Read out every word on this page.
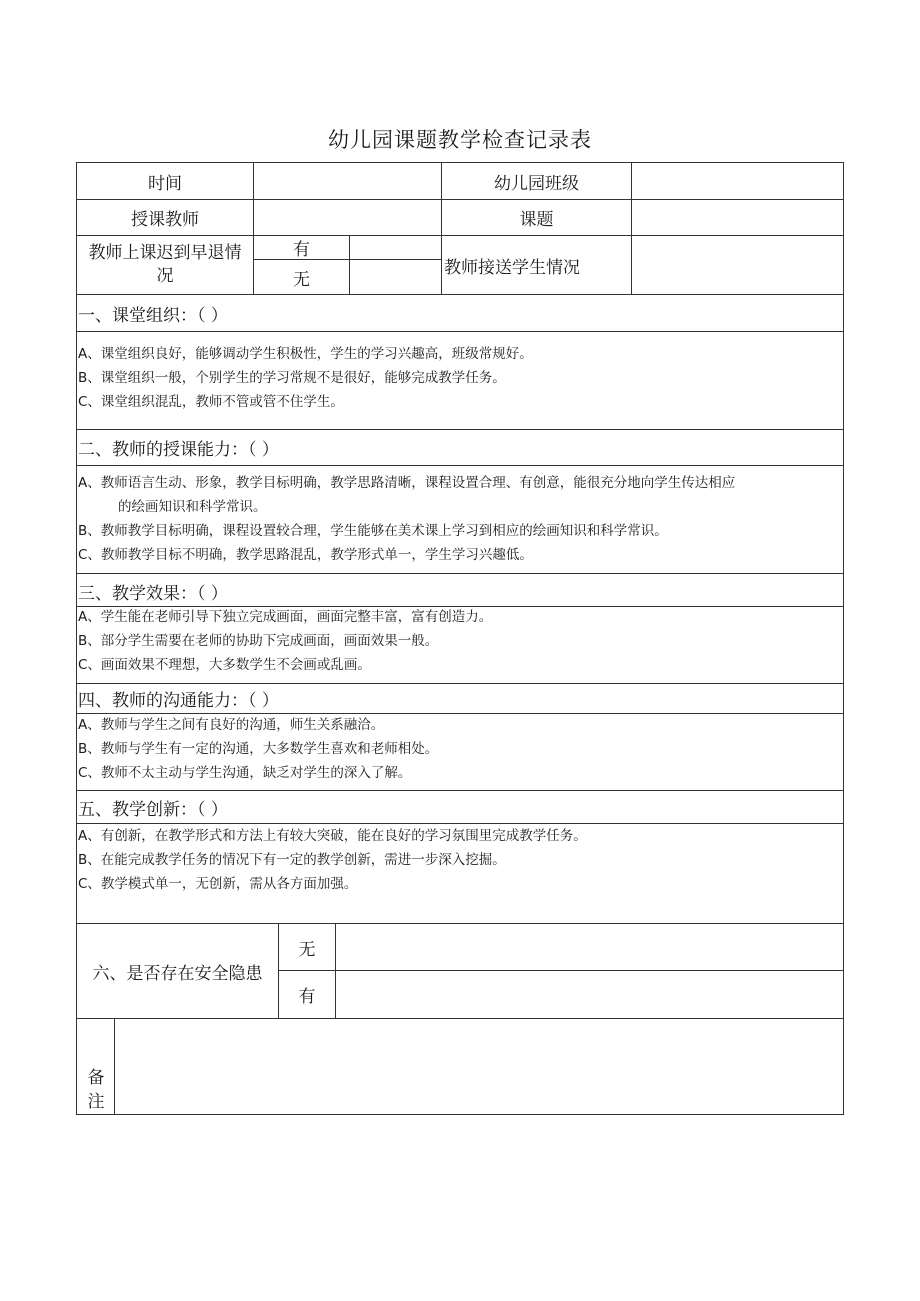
幼儿园课题教学检查记录表
时间	幼儿园班级
授课教师	课题
教师上课迟到早退情
况
有
无
教师接送学生情况
一、课堂组织：（ ）
A、课堂组织良好，能够调动学生积极性，学生的学习兴趣高，班级常规好。
B、课堂组织一般，个别学生的学习常规不是很好，能够完成教学任务。
C、课堂组织混乱，教师不管或管不住学生。
二、教师的授课能力：（ ）
A、教师语言生动、形象，教学目标明确，教学思路清晰，课程设置合理、有创意，能很充分地向学生传达相应
的绘画知识和科学常识。
B、教师教学目标明确，课程设置较合理，学生能够在美术课上学习到相应的绘画知识和科学常识。
C、教师教学目标不明确，教学思路混乱，教学形式单一，学生学习兴趣低。
三、教学效果：（ ）
A、学生能在老师引导下独立完成画面，画面完整丰富，富有创造力。
B、部分学生需要在老师的协助下完成画面，画面效果一般。
C、画面效果不理想，大多数学生不会画或乱画。
四、教师的沟通能力：（ ）
A、教师与学生之间有良好的沟通，师生关系融洽。
B、教师与学生有一定的沟通，大多数学生喜欢和老师相处。
C、教师不太主动与学生沟通，缺乏对学生的深入了解。
五、教学创新：（ ）
A、有创新，在教学形式和方法上有较大突破，能在良好的学习氛围里完成教学任务。
B、在能完成教学任务的情况下有一定的教学创新，需进一步深入挖掘。
C、教学模式单一，无创新，需从各方面加强。
六、是否存在安全隐患
无
有
备
注
